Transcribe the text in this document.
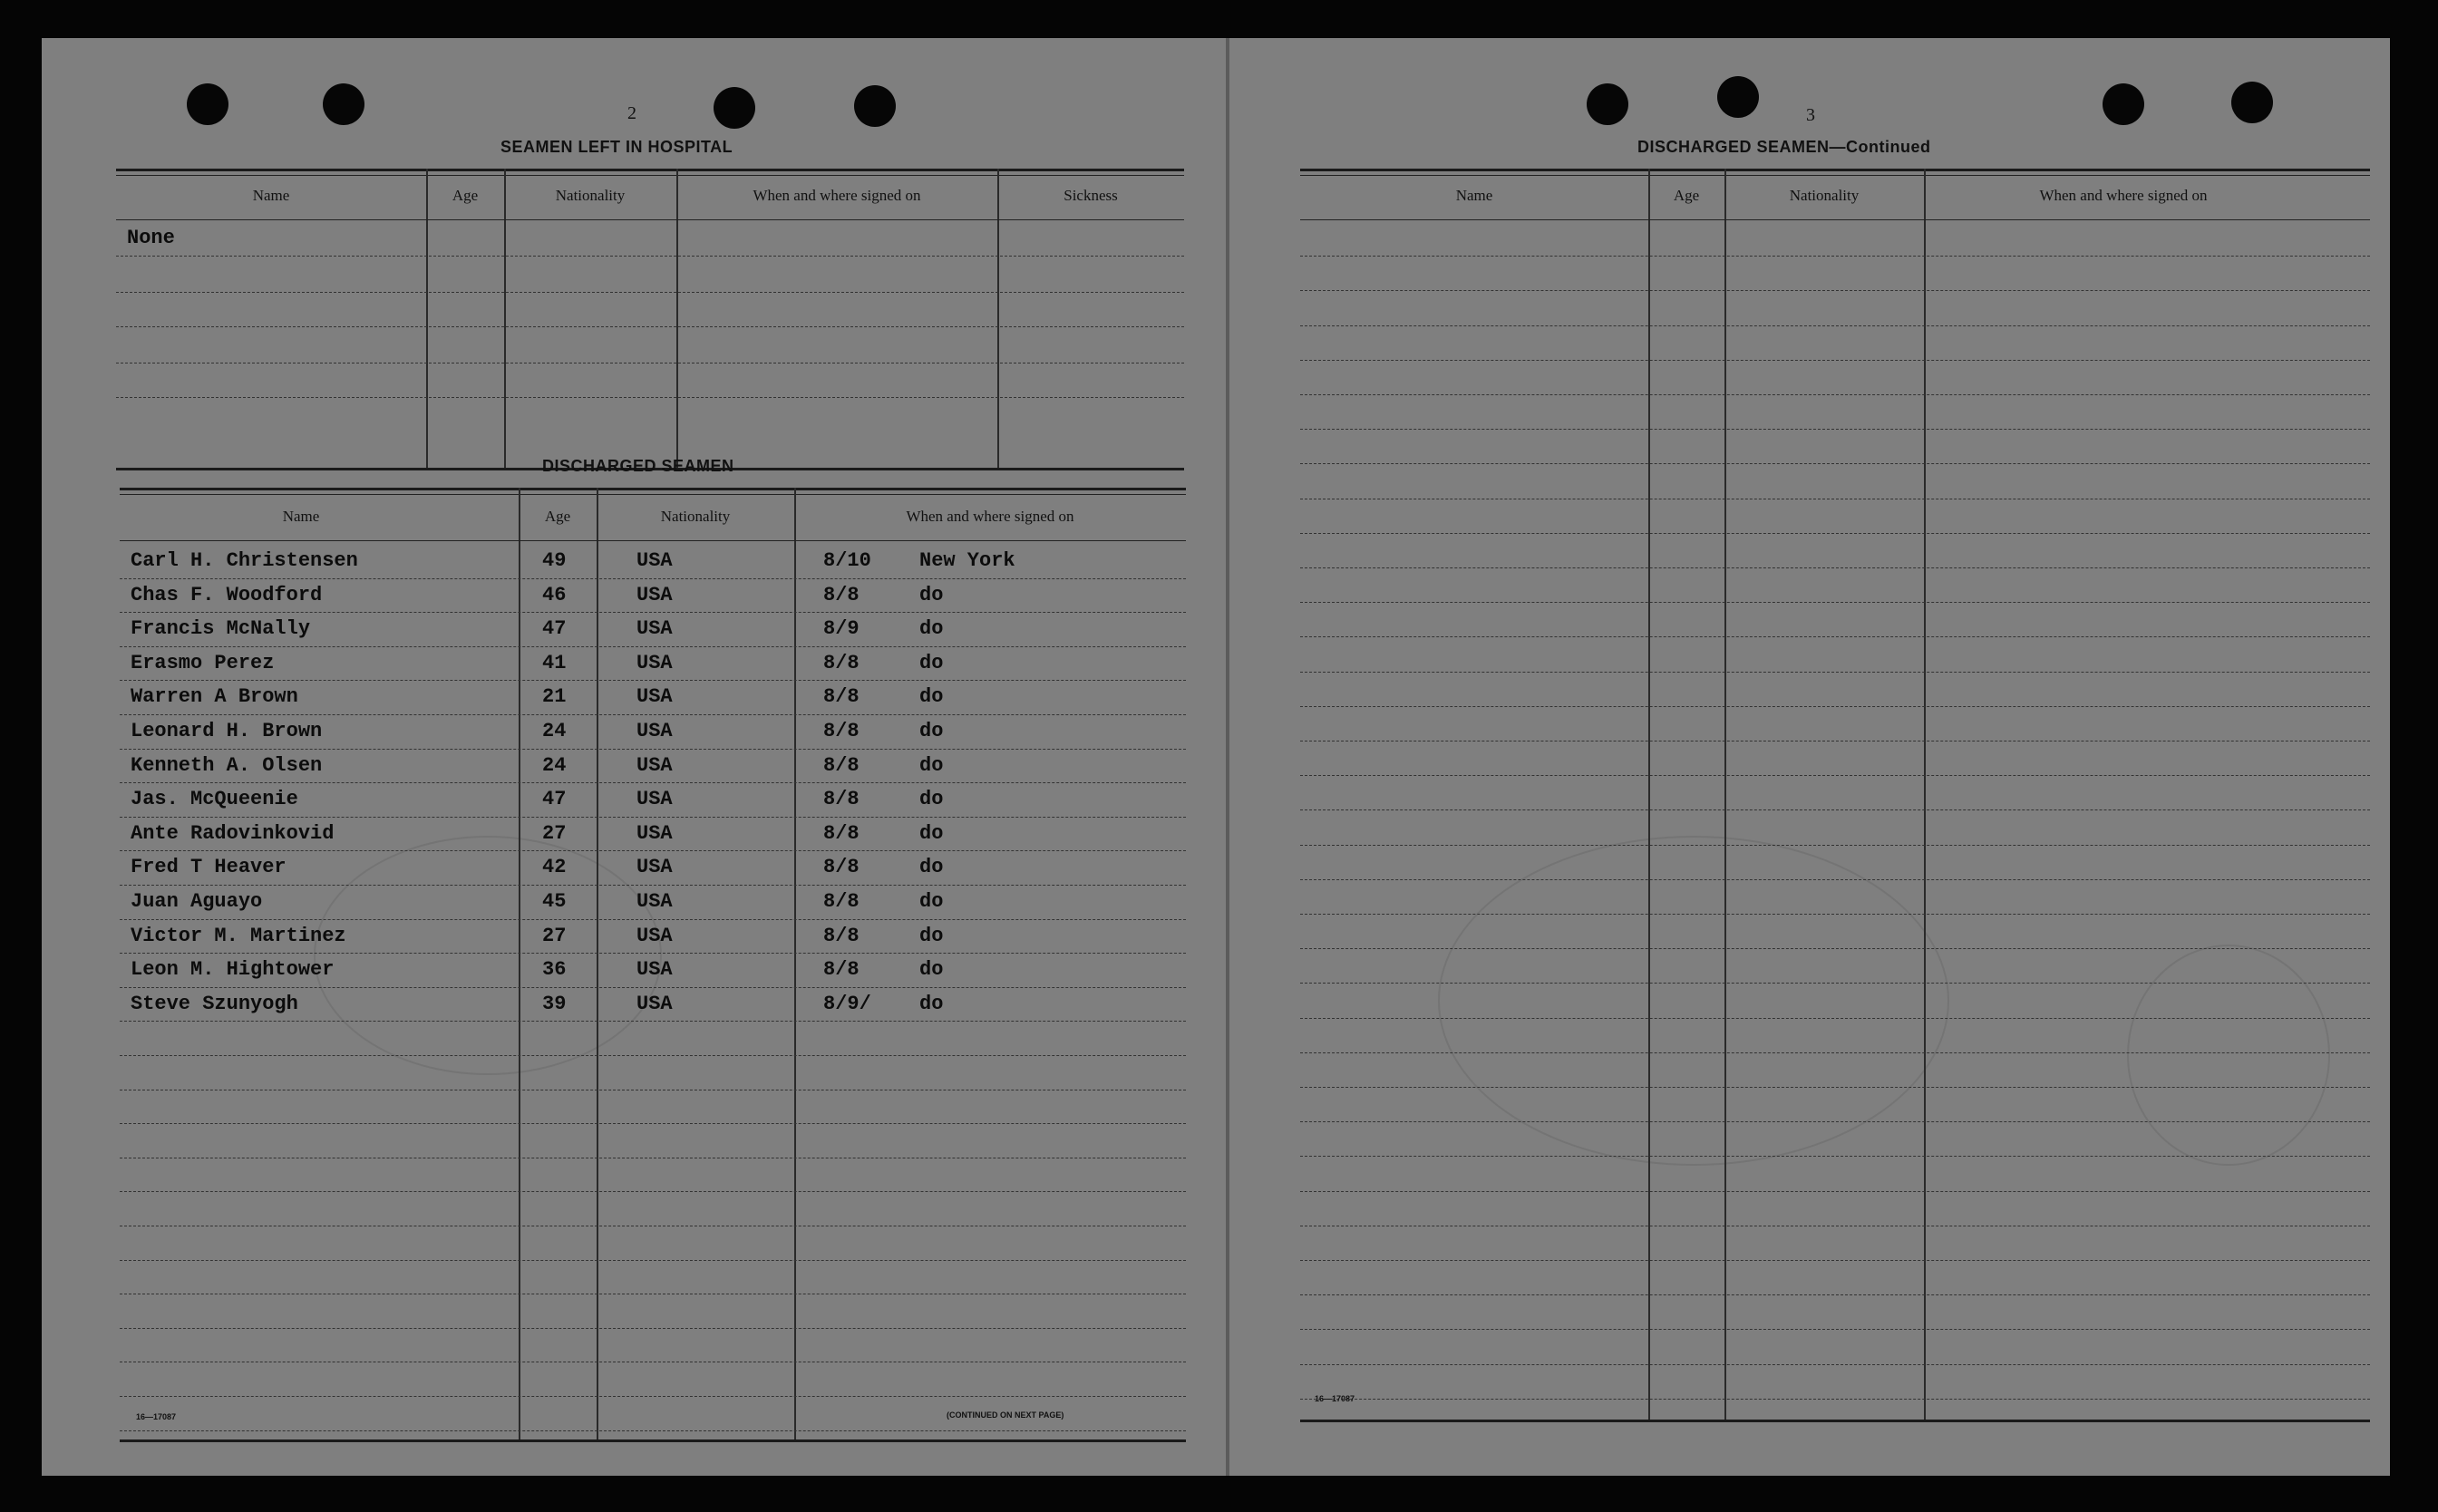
2
SEAMEN LEFT IN HOSPITAL
Name	Age	Nationality	When and where signed on	Sickness
None
DISCHARGED SEAMEN
Name	Age	Nationality	When and where signed on
Carl H. Christensen	49	USA	8/10 New York
Chas F. Woodford	46	USA	8/8	do
Francis McNally	47	USA	8/9	do
Erasmo Perez	41	USA	8/8	do
Warren A Brown	21	USA	8/8	do
Leonard H. Brown	24	USA	8/8	do
Kenneth A. Olsen	24	USA	8/8	do
Jas. McQueenie	47	USA	8/8	do
Ante Radovinkovid	27	USA	8/8	do
Fred T Heaver	42	USA	8/8	do
Juan Aguayo	45	USA	8/8	do
Victor M. Martinez	27	USA	8/8	do
Leon M. Hightower	36	USA	8/8	do
Steve Szunyogh	39	USA	8/9/ do
16—17087	(CONTINUED ON NEXT PAGE)
3
DISCHARGED SEAMEN—Continued
Name	Age	Nationality	When and where signed on
16—17087
